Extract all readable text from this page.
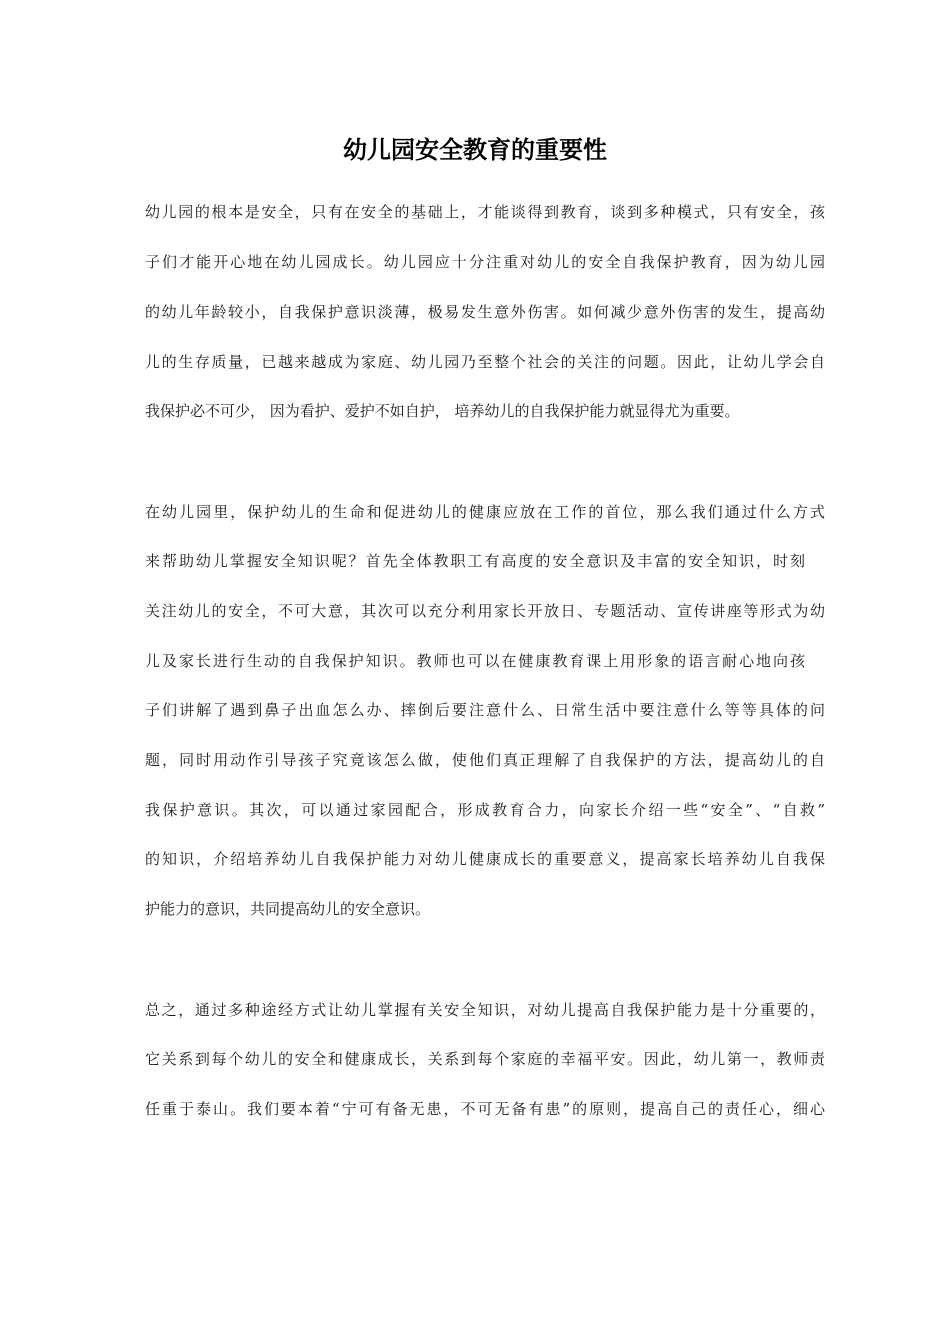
幼儿园安全教育的重要性

幼儿园的根本是安全，只有在安全的基础上，才能谈得到教育，谈到多种模式，只有安全，孩

子们才能开心地在幼儿园成长。幼儿园应十分注重对幼儿的安全自我保护教育，因为幼儿园

的幼儿年龄较小，自我保护意识淡薄，极易发生意外伤害。如何减少意外伤害的发生，提高幼

儿的生存质量，已越来越成为家庭、幼儿园乃至整个社会的关注的问题。因此，让幼儿学会自

我保护必不可少， 因为看护、爱护不如自护， 培养幼儿的自我保护能力就显得尤为重要。

在幼儿园里，保护幼儿的生命和促进幼儿的健康应放在工作的首位，那么我们通过什么方式

来帮助幼儿掌握安全知识呢？首先全体教职工有高度的安全意识及丰富的安全知识，时刻

关注幼儿的安全，不可大意，其次可以充分利用家长开放日、专题活动、宣传讲座等形式为幼

儿及家长进行生动的自我保护知识。教师也可以在健康教育课上用形象的语言耐心地向孩

子们讲解了遇到鼻子出血怎么办、摔倒后要注意什么、日常生活中要注意什么等等具体的问

题，同时用动作引导孩子究竟该怎么做，使他们真正理解了自我保护的方法，提高幼儿的自

我保护意识。其次，可以通过家园配合，形成教育合力，向家长介绍一些“安全”、“自救”

的知识，介绍培养幼儿自我保护能力对幼儿健康成长的重要意义，提高家长培养幼儿自我保

护能力的意识，共同提高幼儿的安全意识。

总之，通过多种途经方式让幼儿掌握有关安全知识，对幼儿提高自我保护能力是十分重要的，

它关系到每个幼儿的安全和健康成长，关系到每个家庭的幸福平安。因此，幼儿第一，教师责

任重于泰山。我们要本着“宁可有备无患，不可无备有患”的原则，提高自己的责任心，细心
